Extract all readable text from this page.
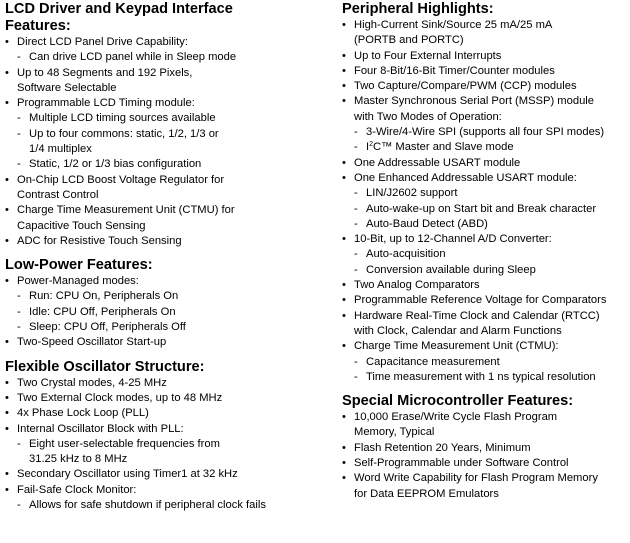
LCD Driver and Keypad Interface
Features:
• Direct LCD Panel Drive Capability:
- Can drive LCD panel while in Sleep mode
• Up to 48 Segments and 192 Pixels,
Software Selectable
• Programmable LCD Timing module:
- Multiple LCD timing sources available
- Up to four commons: static, 1/2, 1/3 or
1/4 multiplex
- Static, 1/2 or 1/3 bias configuration
• On-Chip LCD Boost Voltage Regulator for
Contrast Control
• Charge Time Measurement Unit (CTMU) for
Capacitive Touch Sensing
• ADC for Resistive Touch Sensing
Low-Power Features:
• Power-Managed modes:
- Run: CPU On, Peripherals On
- Idle: CPU Off, Peripherals On
- Sleep: CPU Off, Peripherals Off
• Two-Speed Oscillator Start-up
Flexible Oscillator Structure:
• Two Crystal modes, 4-25 MHz
• Two External Clock modes, up to 48 MHz
• 4x Phase Lock Loop (PLL)
• Internal Oscillator Block with PLL:
- Eight user-selectable frequencies from
31.25 kHz to 8 MHz
• Secondary Oscillator using Timer1 at 32 kHz
• Fail-Safe Clock Monitor:
- Allows for safe shutdown if peripheral clock fails
Peripheral Highlights:
• High-Current Sink/Source 25 mA/25 mA
(PORTB and PORTC)
• Up to Four External Interrupts
• Four 8-Bit/16-Bit Timer/Counter modules
• Two Capture/Compare/PWM (CCP) modules
• Master Synchronous Serial Port (MSSP) module
with Two Modes of Operation:
- 3-Wire/4-Wire SPI (supports all four SPI modes)
- $I^2C™$ Master and Slave mode
• One Addressable USART module
• One Enhanced Addressable USART module:
- LIN/J2602 support
- Auto-wake-up on Start bit and Break character
- Auto-Baud Detect (ABD)
• 10-Bit, up to 12-Channel A/D Converter:
- Auto-acquisition
- Conversion available during Sleep
• Two Analog Comparators
• Programmable Reference Voltage for Comparators
• Hardware Real-Time Clock and Calendar (RTCC)
with Clock, Calendar and Alarm Functions
• Charge Time Measurement Unit (CTMU):
- Capacitance measurement
- Time measurement with 1 ns typical resolution
Special Microcontroller Features:
• 10,000 Erase/Write Cycle Flash Program
Memory, Typical
• Flash Retention 20 Years, Minimum
• Self-Programmable under Software Control
• Word Write Capability for Flash Program Memory
for Data EEPROM Emulators
